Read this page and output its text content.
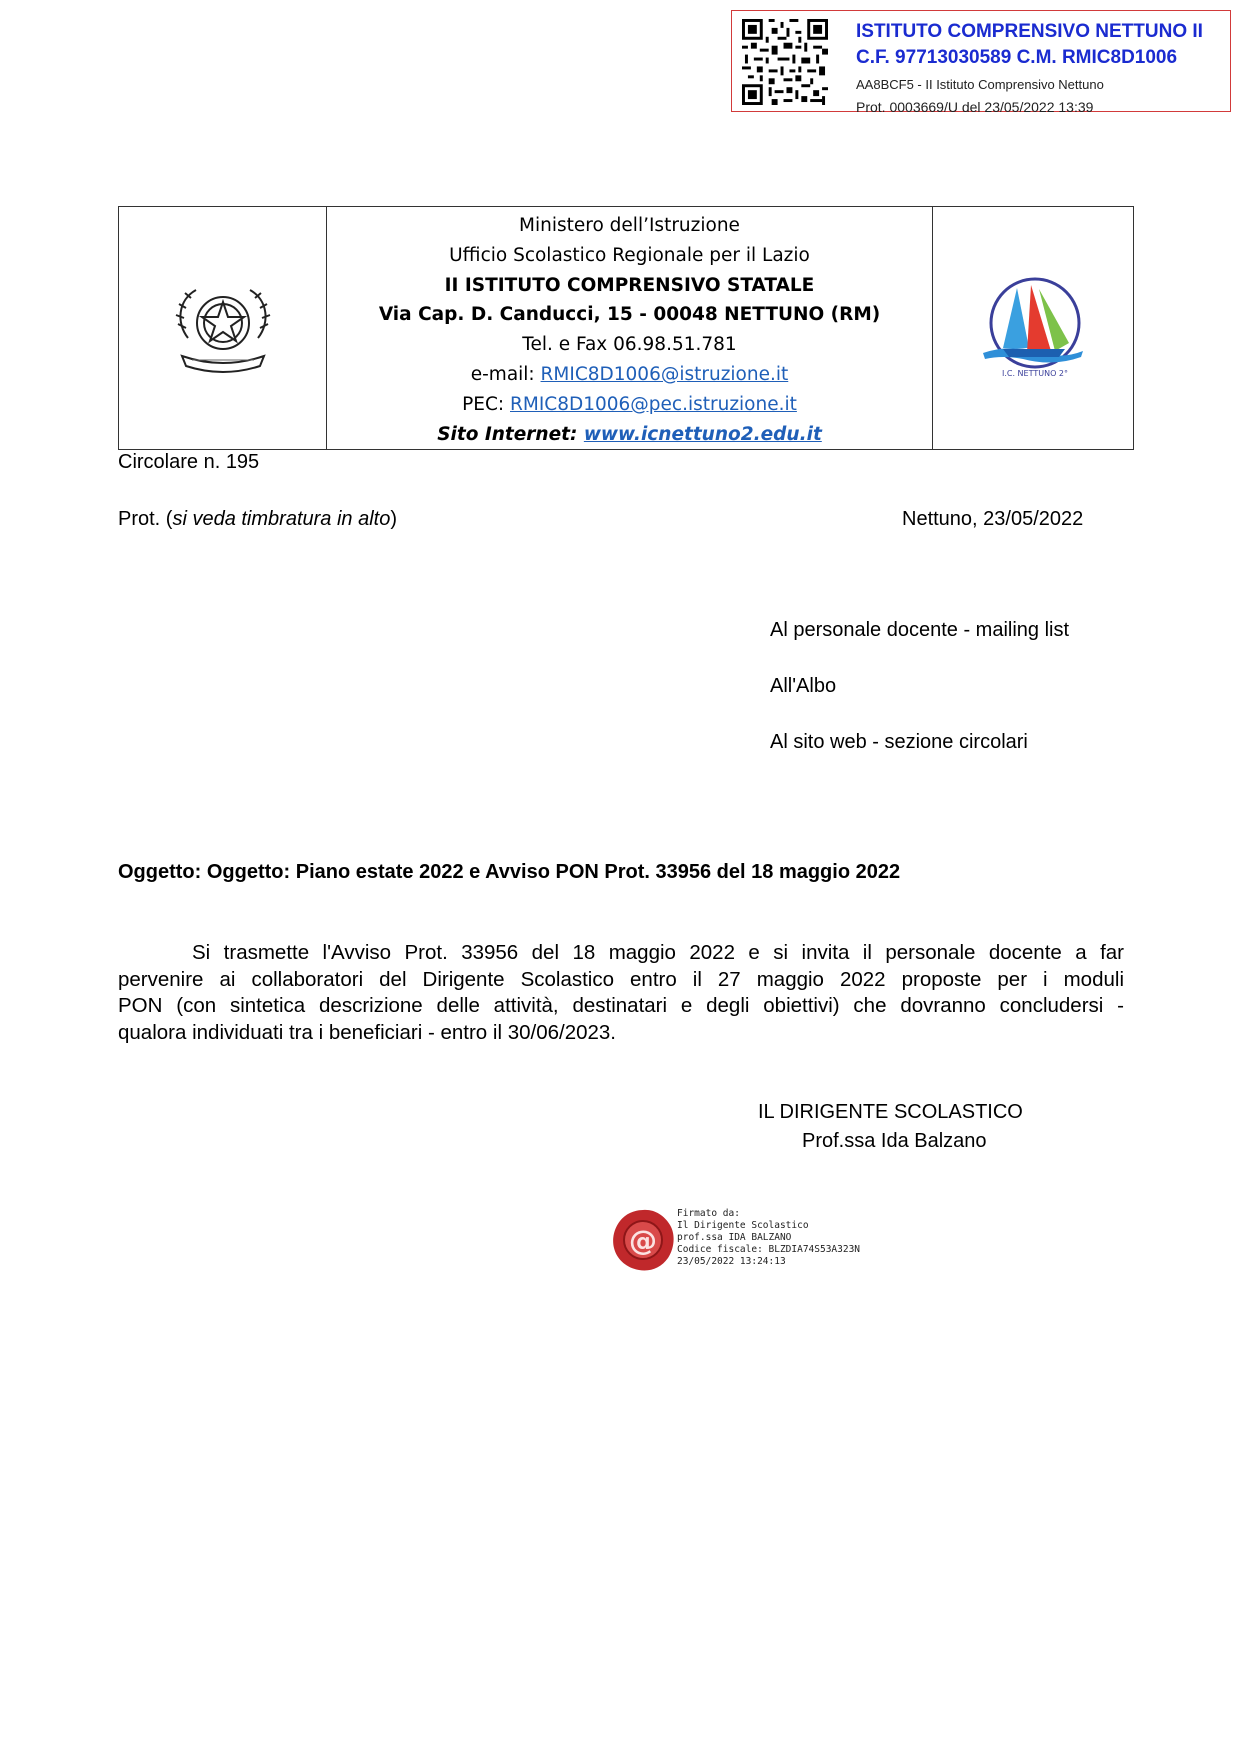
ISTITUTO COMPRENSIVO NETTUNO II
C.F. 97713030589 C.M. RMIC8D1006
AA8BCF5 - II Istituto Comprensivo Nettuno
Prot. 0003669/U del 23/05/2022 13:39
Ministero dell’Istruzione
Ufficio Scolastico Regionale per il Lazio
II ISTITUTO COMPRENSIVO STATALE
Via Cap. D. Canducci, 15 - 00048 NETTUNO (RM)
Tel. e Fax 06.98.51.781
e-mail: RMIC8D1006@istruzione.it
PEC: RMIC8D1006@pec.istruzione.it
Sito Internet: www.icnettuno2.edu.it
I.C. NETTUNO 2°
Circolare n. 195
Prot. (si veda timbratura in alto)	Nettuno, 23/05/2022
Al personale docente - mailing list
All'Albo
Al sito web - sezione circolari
Oggetto: Oggetto: Piano estate 2022 e Avviso PON Prot. 33956 del 18 maggio 2022
Si trasmette l'Avviso Prot. 33956 del 18 maggio 2022 e si invita il personale docente a far
pervenire ai collaboratori del Dirigente Scolastico entro il 27 maggio 2022 proposte per i moduli
PON (con sintetica descrizione delle attività, destinatari e degli obiettivi) che dovranno concludersi -
qualora individuati tra i beneficiari - entro il 30/06/2023.
IL DIRIGENTE SCOLASTICO
Prof.ssa Ida Balzano
@
Firmato da:
Il Dirigente Scolastico
prof.ssa IDA BALZANO
Codice fiscale: BLZDIA74S53A323N
23/05/2022 13:24:13
